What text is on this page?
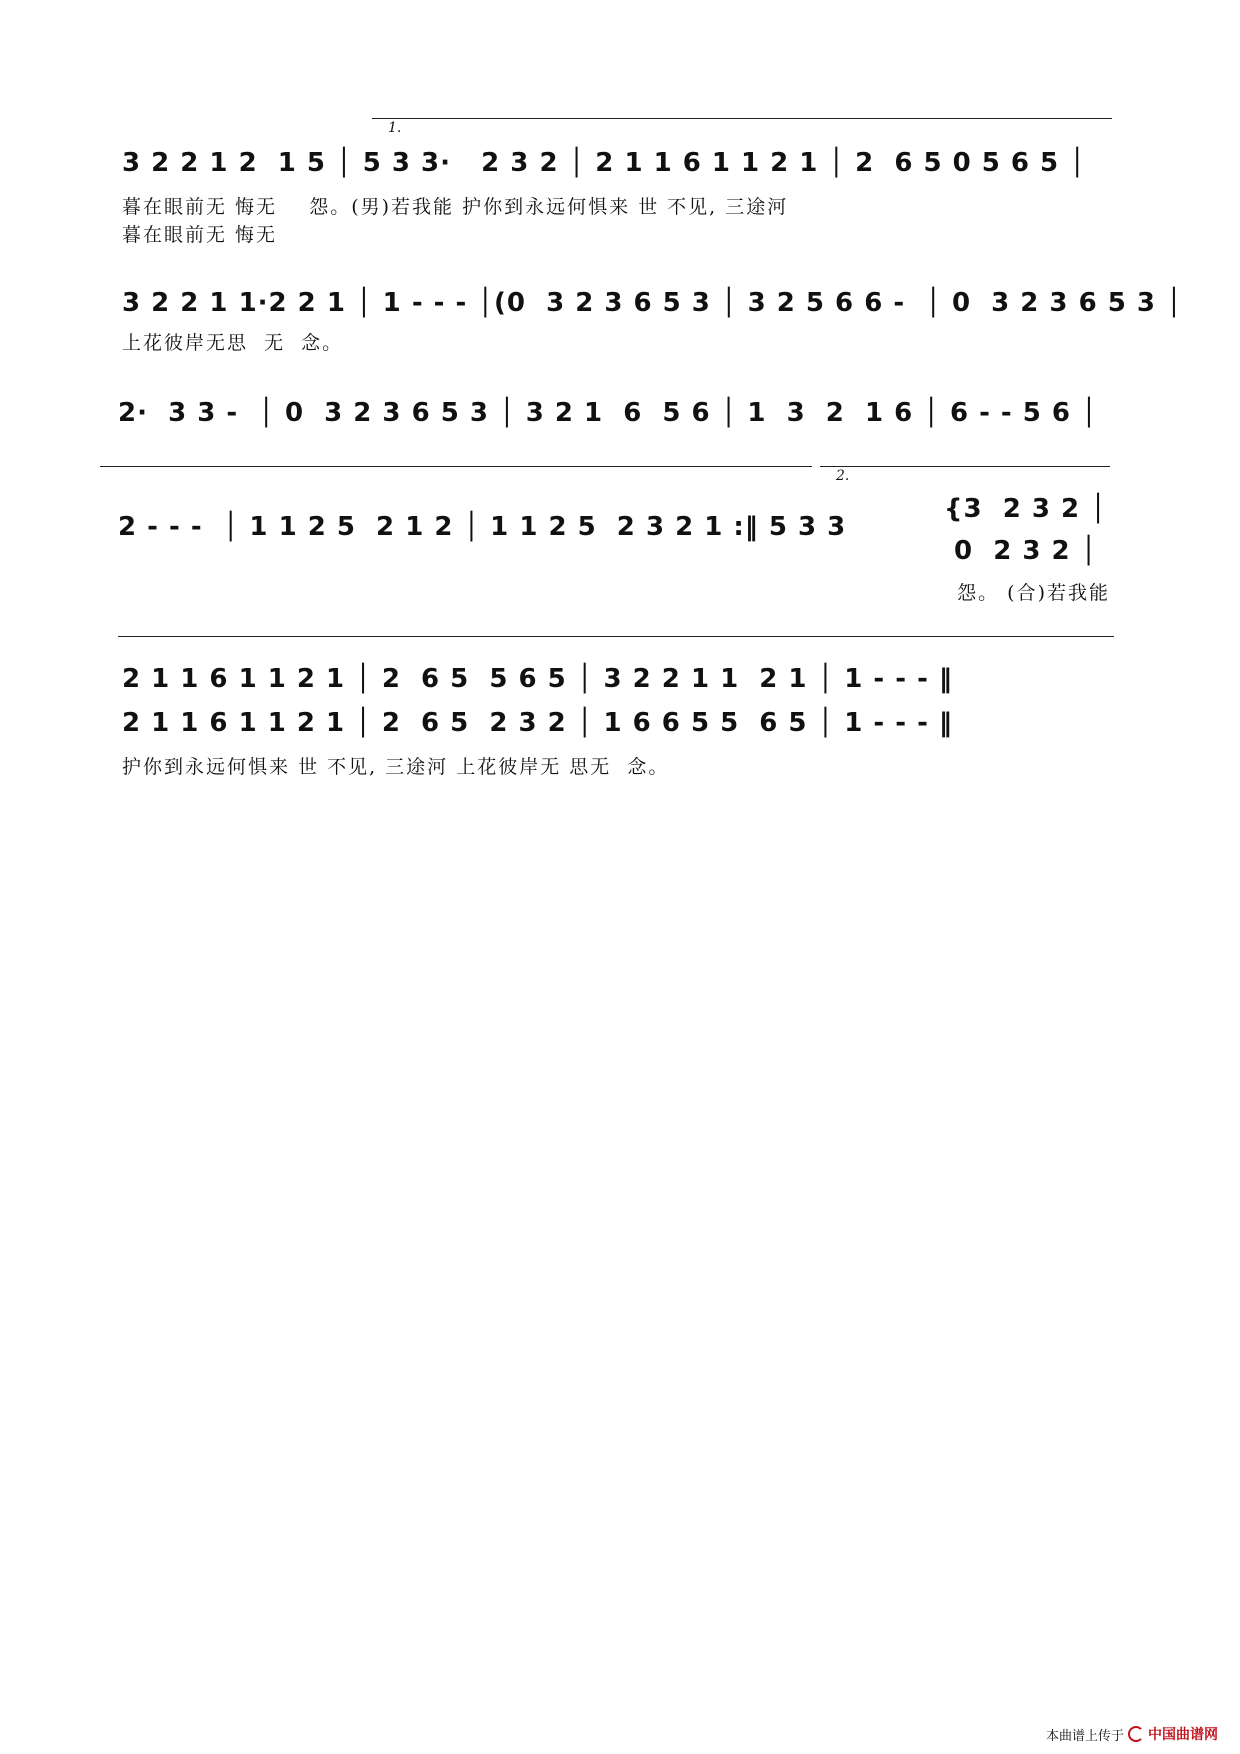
1.
3 2 2 1 2  1 5 │ 5 3 3·   2 3 2 │ 2 1 1 6 1 1 2 1 │ 2  6 5 0 5 6 5 │
暮在眼前无 悔无    怨。(男)若我能 护你到永远何惧来 世 不见, 三途河
暮在眼前无 悔无
3 2 2 1 1·2 2 1 │ 1 - - - │(0  3 2 3 6 5 3 │ 3 2 5 6 6 -  │ 0  3 2 3 6 5 3 │
上花彼岸无思  无  念。
2·  3 3 -  │ 0  3 2 3 6 5 3 │ 3 2 1  6  5 6 │ 1  3  2  1 6 │ 6 - - 5 6 │
2.
2 - - -  │ 1 1 2 5  2 1 2 │ 1 1 2 5  2 3 2 1 :‖ 5 3 3
{3  2 3 2 │
0  2 3 2 │
怨。 (合)若我能
2 1 1 6 1 1 2 1 │ 2  6 5  5 6 5 │ 3 2 2 1 1  2 1 │ 1 - - - ‖
2 1 1 6 1 1 2 1 │ 2  6 5  2 3 2 │ 1 6 6 5 5  6 5 │ 1 - - - ‖
护你到永远何惧来 世 不见, 三途河 上花彼岸无 思无  念。
本曲谱上传于 中国曲谱网
